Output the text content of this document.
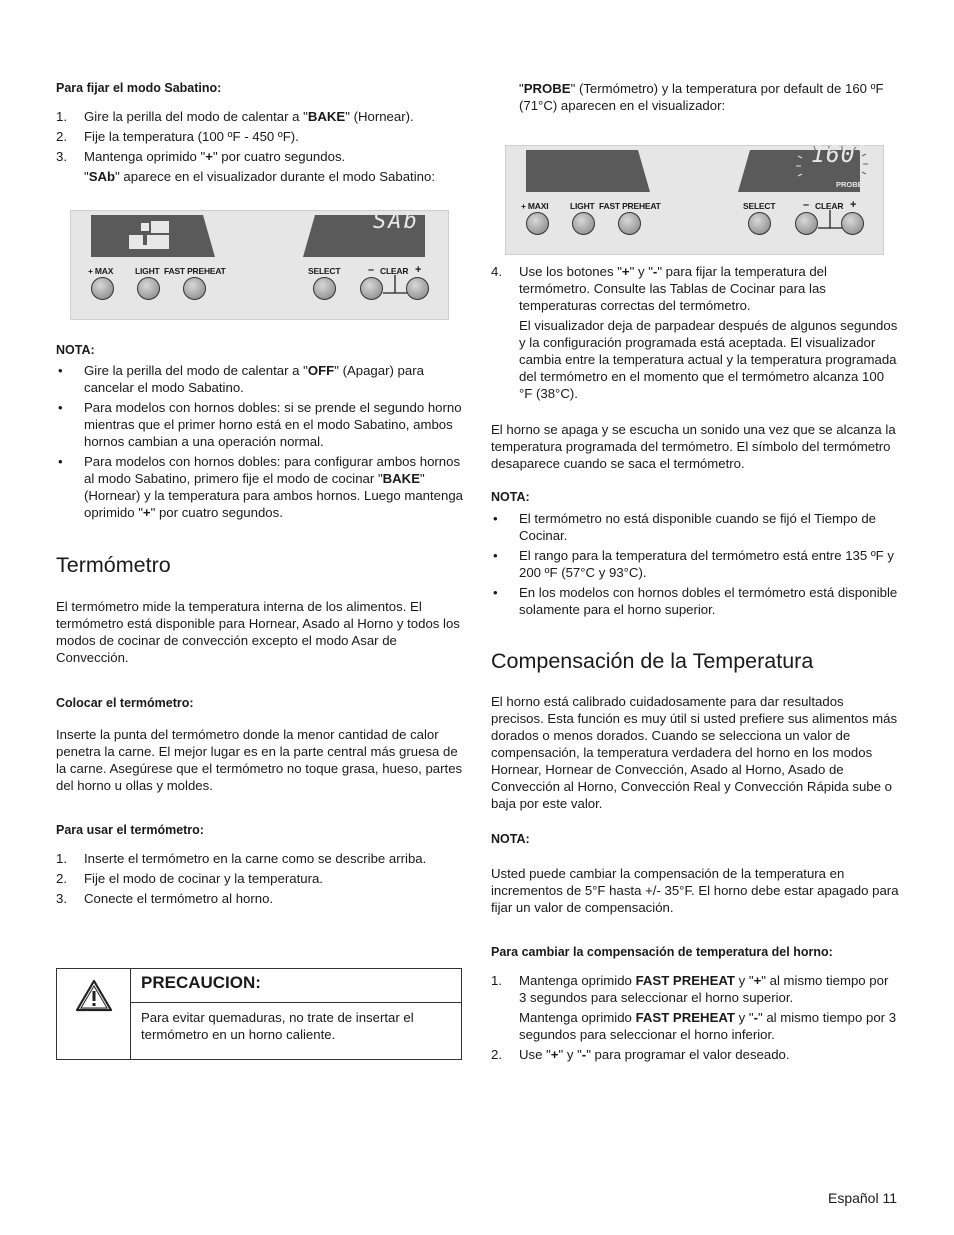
Para fijar el modo Sabatino:
1.	Gire la perilla del modo de calentar a "BAKE" (Hornear).
2.	Fije la temperatura (100 ºF - 450 ºF).
3.	Mantenga oprimido "+" por cuatro segundos.
"SAb" aparece en el visualizador durante el modo Sabatino:
SAb
+ MAX	LIGHT FAST PREHEAT	SELECT	– CLEAR +
NOTA:
• Gire la perilla del modo de calentar a "OFF" (Apagar) para cancelar el modo Sabatino.
• Para modelos con hornos dobles: si se prende el segundo horno mientras que el primer horno está en el modo Sabatino, ambos hornos cambian a una operación normal.
• Para modelos con hornos dobles: para configurar ambos hornos al modo Sabatino, primero fije el modo de cocinar "BAKE" (Hornear) y la temperatura para ambos hornos. Luego mantenga oprimido "+" por cuatro segundos.
Termómetro

El termómetro mide la temperatura interna de los alimentos. El termómetro está disponible para Hornear, Asado al Horno y todos los modos de cocinar de convección excepto el modo Asar de Convección.

Colocar el termómetro:

Inserte la punta del termómetro donde la menor cantidad de calor penetra la carne. El mejor lugar es en la parte central más gruesa de la carne. Asegúrese que el termómetro no toque grasa, hueso, partes del horno u ollas y moldes.

Para usar el termómetro:
1.	Inserte el termómetro en la carne como se describe arriba.
2.	Fije el modo de cocinar y la temperatura.
3.	Conecte el termómetro al horno.
PRECAUCION:
Para evitar quemaduras, no trate de insertar el termómetro en un horno caliente.
"PROBE" (Termómetro) y la temperatura por default de 160 ºF (71°C) aparecen en el visualizador:
160°
PROBE
+ MAXI	LIGHT FAST PREHEAT	SELECT	– CLEAR +
4.	Use los botones "+" y "-" para fijar la temperatura del termómetro. Consulte las Tablas de Cocinar para las temperaturas correctas del termómetro.
El visualizador deja de parpadear después de algunos segundos y la configuración programada está aceptada. El visualizador cambia entre la temperatura actual y la temperatura programada del termómetro en el momento que el termómetro alcanza 100 °F (38°C).

El horno se apaga y se escucha un sonido una vez que se alcanza la temperatura programada del termómetro. El símbolo del termómetro desaparece cuando se saca el termómetro.

NOTA:
• El termómetro no está disponible cuando se fijó el Tiempo de Cocinar.
• El rango para la temperatura del termómetro está entre 135 ºF y 200 ºF (57°C y 93°C).
• En los modelos con hornos dobles el termómetro está disponible solamente para el horno superior.
Compensación de la Temperatura

El horno está calibrado cuidadosamente para dar resultados precisos. Esta función es muy útil si usted prefiere sus alimentos más dorados o menos dorados. Cuando se selecciona un valor de compensación, la temperatura verdadera del horno en los modos Hornear, Hornear de Convección, Asado al Horno, Asado de Convección al Horno, Convección Real y Convección Rápida sube o baja por este valor.

NOTA:

Usted puede cambiar la compensación de la temperatura en incrementos de 5°F hasta +/- 35°F. El horno debe estar apagado para fijar un valor de compensación.

Para cambiar la compensación de temperatura del horno:
1.	Mantenga oprimido FAST PREHEAT y "+" al mismo tiempo por 3 segundos para seleccionar el horno superior.
Mantenga oprimido FAST PREHEAT y "-" al mismo tiempo por 3 segundos para seleccionar el horno inferior.
2.	Use "+" y "-" para programar el valor deseado.
Español 11
